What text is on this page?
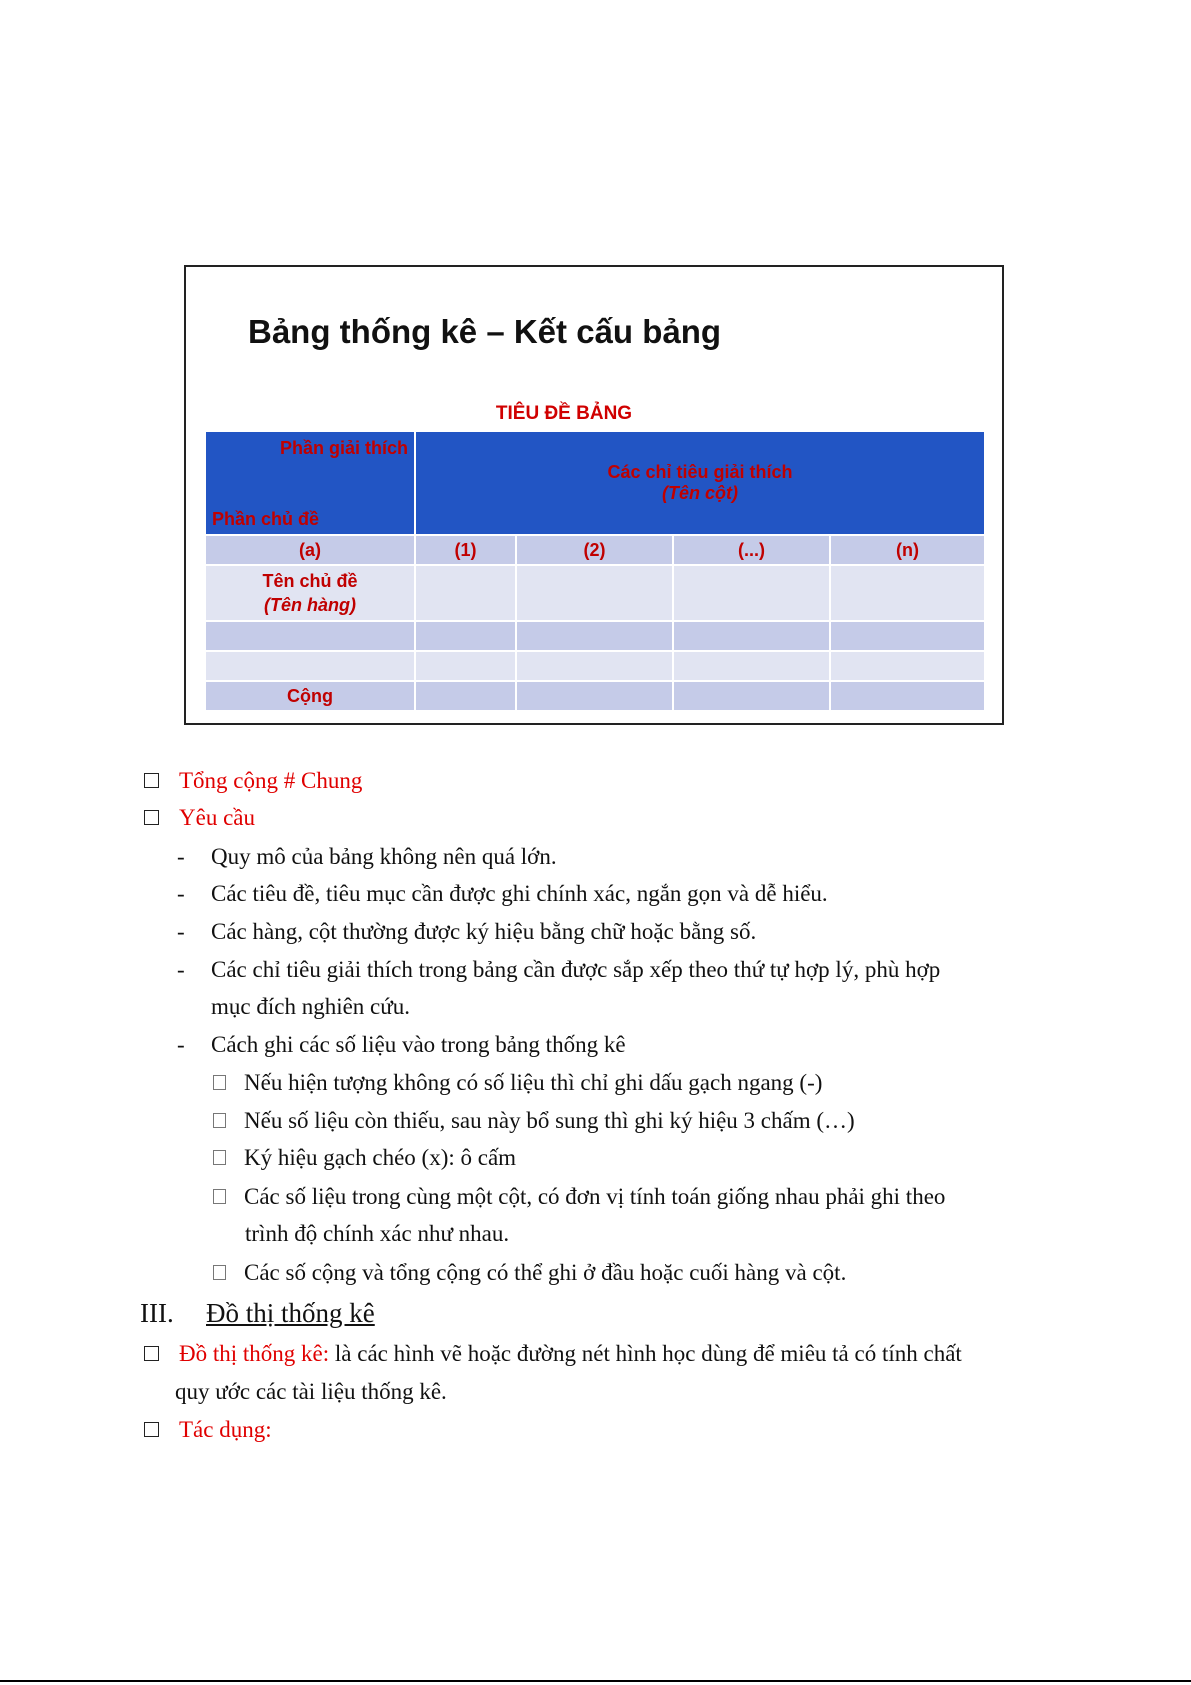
Bảng thống kê – Kết cấu bảng
TIÊU ĐỀ BẢNG
Phần giải thích
Phần chủ đề
Các chỉ tiêu giải thích
(Tên cột)
(a)	(1)	(2)	(...)	(n)
Tên chủ đề
(Tên hàng)
Cộng
Tổng cộng # Chung
Yêu cầu
- Quy mô của bảng không nên quá lớn.
- Các tiêu đề, tiêu mục cần được ghi chính xác, ngắn gọn và dễ hiểu.
- Các hàng, cột thường được ký hiệu bằng chữ hoặc bằng số.
- Các chỉ tiêu giải thích trong bảng cần được sắp xếp theo thứ tự hợp lý, phù hợp
mục đích nghiên cứu.
- Cách ghi các số liệu vào trong bảng thống kê
Nếu hiện tượng không có số liệu thì chỉ ghi dấu gạch ngang (-)
Nếu số liệu còn thiếu, sau này bổ sung thì ghi ký hiệu 3 chấm (…)
Ký hiệu gạch chéo (x): ô cấm
Các số liệu trong cùng một cột, có đơn vị tính toán giống nhau phải ghi theo
trình độ chính xác như nhau.
Các số cộng và tổng cộng có thể ghi ở đầu hoặc cuối hàng và cột.
III. Đồ thị thống kê
Đồ thị thống kê: là các hình vẽ hoặc đường nét hình học dùng để miêu tả có tính chất
quy ước các tài liệu thống kê.
Tác dụng:
